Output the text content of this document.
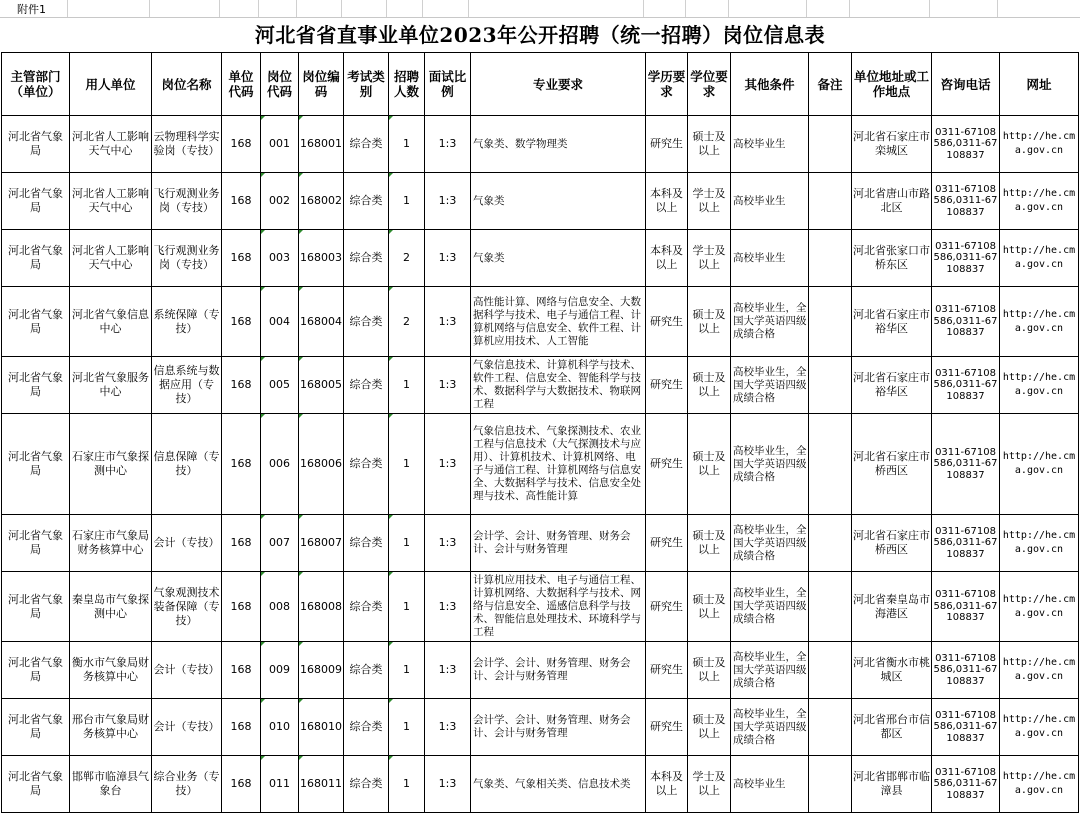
附件1
河北省省直事业单位2023年公开招聘（统一招聘）岗位信息表
主管部门（单位）	用人单位	岗位名称	单位代码	岗位代码	岗位编码	考试类别	招聘人数	面试比例	专业要求	学历要求	学位要求	其他条件	备注	单位地址或工作地点	咨询电话	网址
河北省气象局	河北省人工影响天气中心	云物理科学实验岗（专技）	168	001	168001	综合类	1	1:3	气象类、数学物理类	研究生	硕士及以上	高校毕业生		河北省石家庄市栾城区	0311-67108586,0311-67108837	http://he.cma.gov.cn
河北省气象局	河北省人工影响天气中心	飞行观测业务岗（专技）	168	002	168002	综合类	1	1:3	气象类	本科及以上	学士及以上	高校毕业生		河北省唐山市路北区	0311-67108586,0311-67108837	http://he.cma.gov.cn
河北省气象局	河北省人工影响天气中心	飞行观测业务岗（专技）	168	003	168003	综合类	2	1:3	气象类	本科及以上	学士及以上	高校毕业生		河北省张家口市桥东区	0311-67108586,0311-67108837	http://he.cma.gov.cn
河北省气象局	河北省气象信息中心	系统保障（专技）	168	004	168004	综合类	2	1:3	高性能计算、网络与信息安全、大数据科学与技术、电子与通信工程、计算机网络与信息安全、软件工程、计算机应用技术、人工智能	研究生	硕士及以上	高校毕业生，全国大学英语四级成绩合格		河北省石家庄市裕华区	0311-67108586,0311-67108837	http://he.cma.gov.cn
河北省气象局	河北省气象服务中心	信息系统与数据应用（专技）	168	005	168005	综合类	1	1:3	气象信息技术、计算机科学与技术、软件工程、信息安全、智能科学与技术、数据科学与大数据技术、物联网工程	研究生	硕士及以上	高校毕业生，全国大学英语四级成绩合格		河北省石家庄市裕华区	0311-67108586,0311-67108837	http://he.cma.gov.cn
河北省气象局	石家庄市气象探测中心	信息保障（专技）	168	006	168006	综合类	1	1:3	气象信息技术、气象探测技术、农业工程与信息技术（大气探测技术与应用）、计算机技术、计算机网络、电子与通信工程、计算机网络与信息安全、大数据科学与技术、信息安全处理与技术、高性能计算	研究生	硕士及以上	高校毕业生，全国大学英语四级成绩合格		河北省石家庄市桥西区	0311-67108586,0311-67108837	http://he.cma.gov.cn
河北省气象局	石家庄市气象局财务核算中心	会计（专技）	168	007	168007	综合类	1	1:3	会计学、会计、财务管理、财务会计、会计与财务管理	研究生	硕士及以上	高校毕业生，全国大学英语四级成绩合格		河北省石家庄市桥西区	0311-67108586,0311-67108837	http://he.cma.gov.cn
河北省气象局	秦皇岛市气象探测中心	气象观测技术装备保障（专技）	168	008	168008	综合类	1	1:3	计算机应用技术、电子与通信工程、计算机网络、大数据科学与技术、网络与信息安全、遥感信息科学与技术、智能信息处理技术、环境科学与工程	研究生	硕士及以上	高校毕业生，全国大学英语四级成绩合格		河北省秦皇岛市海港区	0311-67108586,0311-67108837	http://he.cma.gov.cn
河北省气象局	衡水市气象局财务核算中心	会计（专技）	168	009	168009	综合类	1	1:3	会计学、会计、财务管理、财务会计、会计与财务管理	研究生	硕士及以上	高校毕业生，全国大学英语四级成绩合格		河北省衡水市桃城区	0311-67108586,0311-67108837	http://he.cma.gov.cn
河北省气象局	邢台市气象局财务核算中心	会计（专技）	168	010	168010	综合类	1	1:3	会计学、会计、财务管理、财务会计、会计与财务管理	研究生	硕士及以上	高校毕业生，全国大学英语四级成绩合格		河北省邢台市信都区	0311-67108586,0311-67108837	http://he.cma.gov.cn
河北省气象局	邯郸市临漳县气象台	综合业务（专技）	168	011	168011	综合类	1	1:3	气象类、气象相关类、信息技术类	本科及以上	学士及以上	高校毕业生		河北省邯郸市临漳县	0311-67108586,0311-67108837	http://he.cma.gov.cn
